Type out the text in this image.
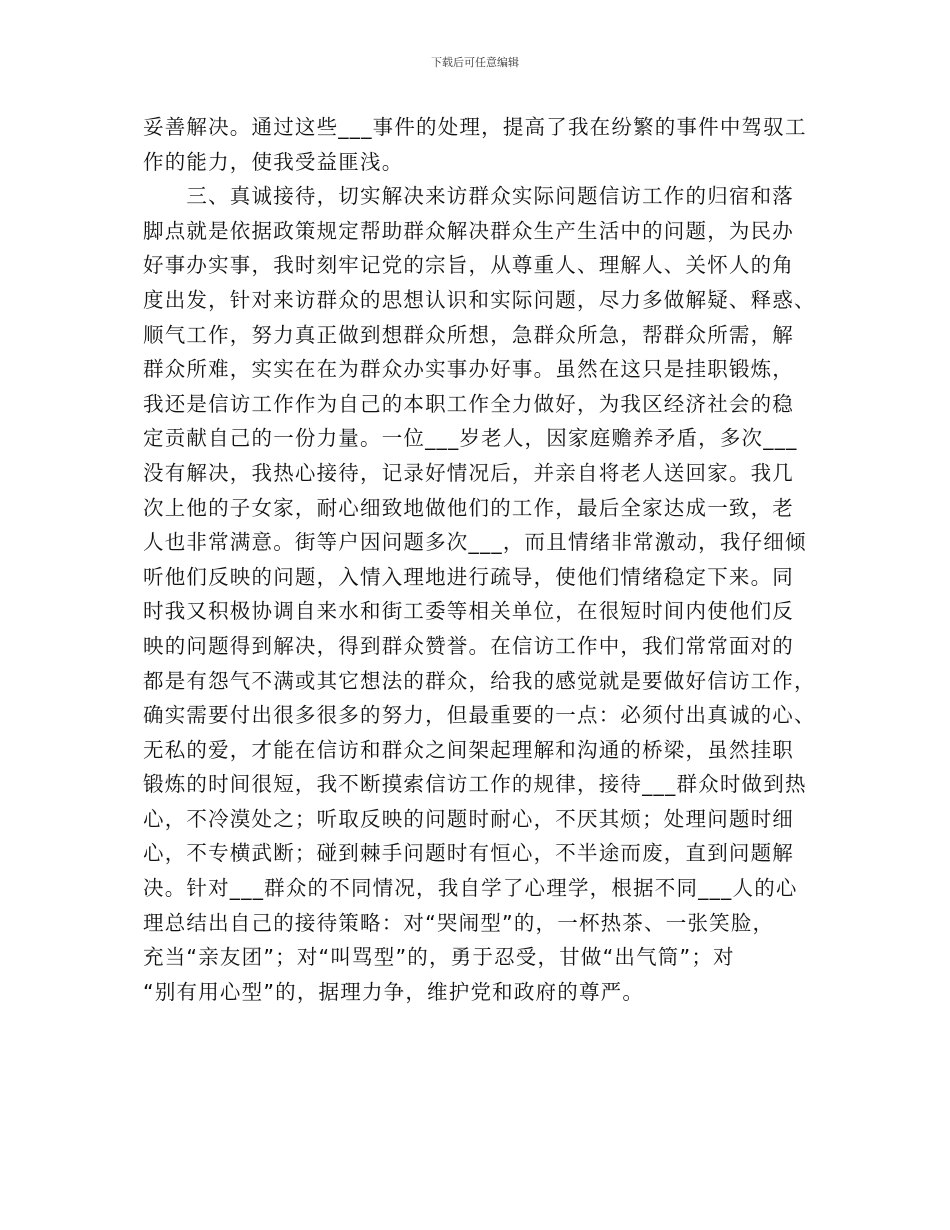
下载后可任意编辑
妥善解决。通过这些___事件的处理，提高了我在纷繁的事件中驾驭工
作的能力，使我受益匪浅。
　　三、真诚接待，切实解决来访群众实际问题信访工作的归宿和落
脚点就是依据政策规定帮助群众解决群众生产生活中的问题，为民办
好事办实事，我时刻牢记党的宗旨，从尊重人、理解人、关怀人的角
度出发，针对来访群众的思想认识和实际问题，尽力多做解疑、释惑、
顺气工作，努力真正做到想群众所想，急群众所急，帮群众所需，解
群众所难，实实在在为群众办实事办好事。虽然在这只是挂职锻炼，
我还是信访工作作为自己的本职工作全力做好，为我区经济社会的稳
定贡献自己的一份力量。一位___岁老人，因家庭赡养矛盾，多次___
没有解决，我热心接待，记录好情况后，并亲自将老人送回家。我几
次上他的子女家，耐心细致地做他们的工作，最后全家达成一致，老
人也非常满意。街等户因问题多次___，而且情绪非常激动，我仔细倾
听他们反映的问题，入情入理地进行疏导，使他们情绪稳定下来。同
时我又积极协调自来水和街工委等相关单位，在很短时间内使他们反
映的问题得到解决，得到群众赞誉。在信访工作中，我们常常面对的
都是有怨气不满或其它想法的群众，给我的感觉就是要做好信访工作，
确实需要付出很多很多的努力，但最重要的一点：必须付出真诚的心、
无私的爱，才能在信访和群众之间架起理解和沟通的桥梁，虽然挂职
锻炼的时间很短，我不断摸索信访工作的规律，接待___群众时做到热
心，不冷漠处之；听取反映的问题时耐心，不厌其烦；处理问题时细
心，不专横武断；碰到棘手问题时有恒心，不半途而废，直到问题解
决。针对___群众的不同情况，我自学了心理学，根据不同___人的心
理总结出自己的接待策略：对“哭闹型”的，一杯热茶、一张笑脸，
充当“亲友团”；对“叫骂型”的，勇于忍受，甘做“出气筒”；对
“别有用心型”的，据理力争，维护党和政府的尊严。
